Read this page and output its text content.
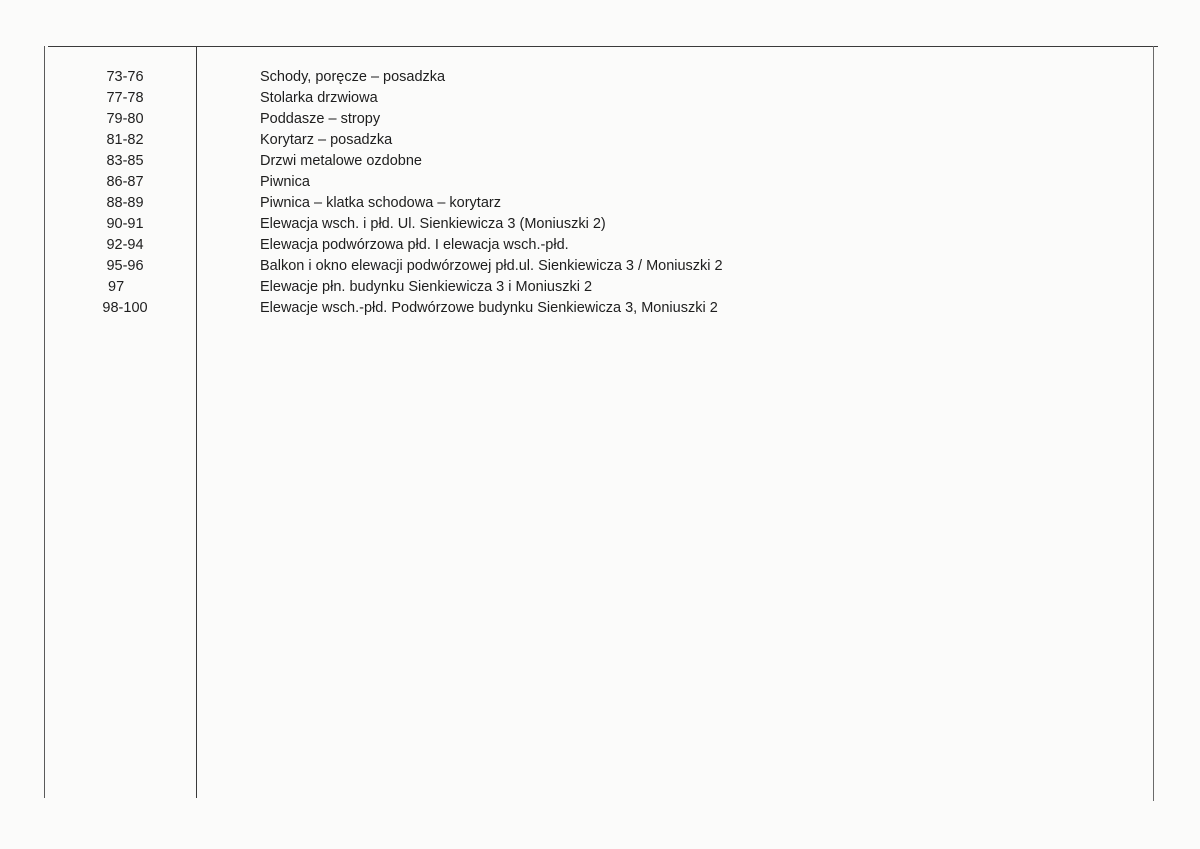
73-76	Schody, poręcze – posadzka
77-78	Stolarka drzwiowa
79-80	Poddasze – stropy
81-82	Korytarz – posadzka
83-85	Drzwi metalowe ozdobne
86-87	Piwnica
88-89	Piwnica – klatka schodowa – korytarz
90-91	Elewacja wsch. i płd. Ul. Sienkiewicza 3 (Moniuszki 2)
92-94	Elewacja podwórzowa płd. I elewacja wsch.-płd.
95-96	Balkon i okno elewacji podwórzowej płd.ul. Sienkiewicza 3 / Moniuszki 2
97	Elewacje płn. budynku Sienkiewicza 3 i Moniuszki 2
98-100	Elewacje wsch.-płd. Podwórzowe budynku Sienkiewicza 3, Moniuszki 2
